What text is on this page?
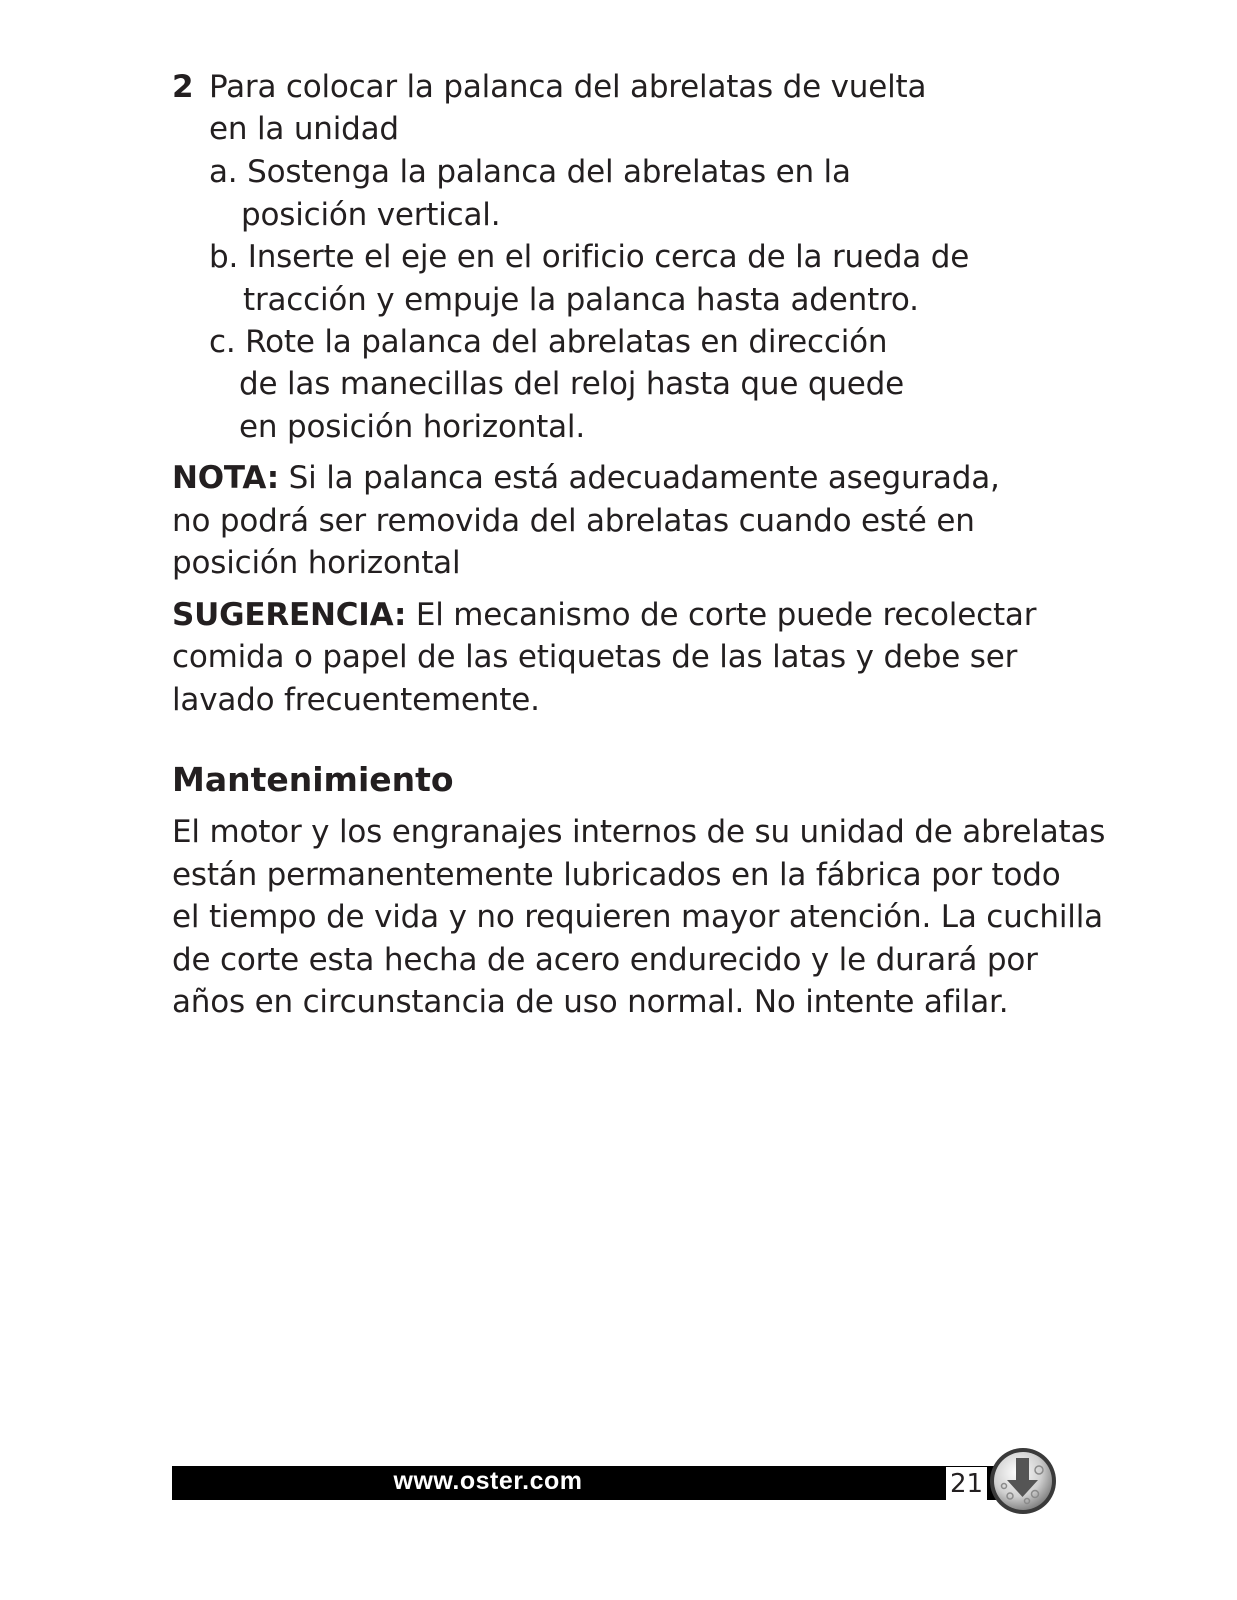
2 Para colocar la palanca del abrelatas de vuelta
en la unidad
a. Sostenga la palanca del abrelatas en la
posición vertical.
b. Inserte el eje en el orificio cerca de la rueda de
tracción y empuje la palanca hasta adentro.
c. Rote la palanca del abrelatas en dirección
de las manecillas del reloj hasta que quede
en posición horizontal.
NOTA: Si la palanca está adecuadamente asegurada,
no podrá ser removida del abrelatas cuando esté en
posición horizontal
SUGERENCIA: El mecanismo de corte puede recolectar
comida o papel de las etiquetas de las latas y debe ser
lavado frecuentemente.
Mantenimiento
El motor y los engranajes internos de su unidad de abrelatas
están permanentemente lubricados en la fábrica por todo
el tiempo de vida y no requieren mayor atención. La cuchilla
de corte esta hecha de acero endurecido y le durará por
años en circunstancia de uso normal. No intente afilar.
www.oster.com	21
